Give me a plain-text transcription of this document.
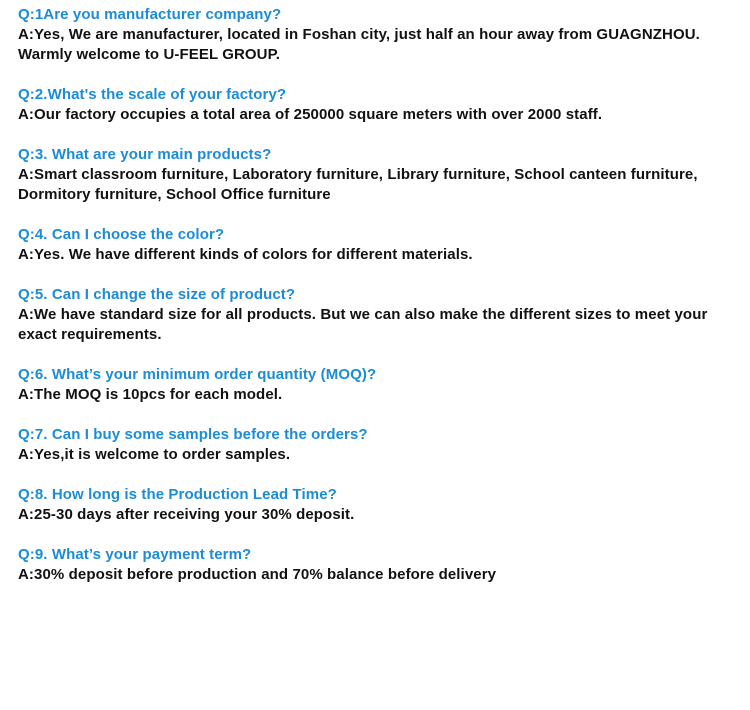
Q:1Are you manufacturer company?

A:Yes, We are manufacturer, located in Foshan city, just half an hour away from GUAGNZHOU. Warmly welcome to U-FEEL GROUP.

Q:2.What's the scale of your factory?

A:Our factory occupies a total area of 250000 square meters with over 2000 staff.

Q:3. What are your main products?

A:Smart classroom furniture, Laboratory furniture, Library furniture, School canteen furniture, Dormitory furniture, School Office furniture

Q:4. Can I choose the color?

A:Yes. We have different kinds of colors for different materials.

Q:5. Can I change the size of product?

A:We have standard size for all products. But we can also make the different sizes to meet your exact requirements.

Q:6. What’s your minimum order quantity (MOQ)?

A:The MOQ is 10pcs for each model.

Q:7. Can I buy some samples before the orders?

A:Yes,it is welcome to order samples.

Q:8. How long is the Production Lead Time?

A:25-30 days after receiving your 30% deposit.

Q:9. What’s your payment term?

A:30% deposit before production and 70% balance before delivery
